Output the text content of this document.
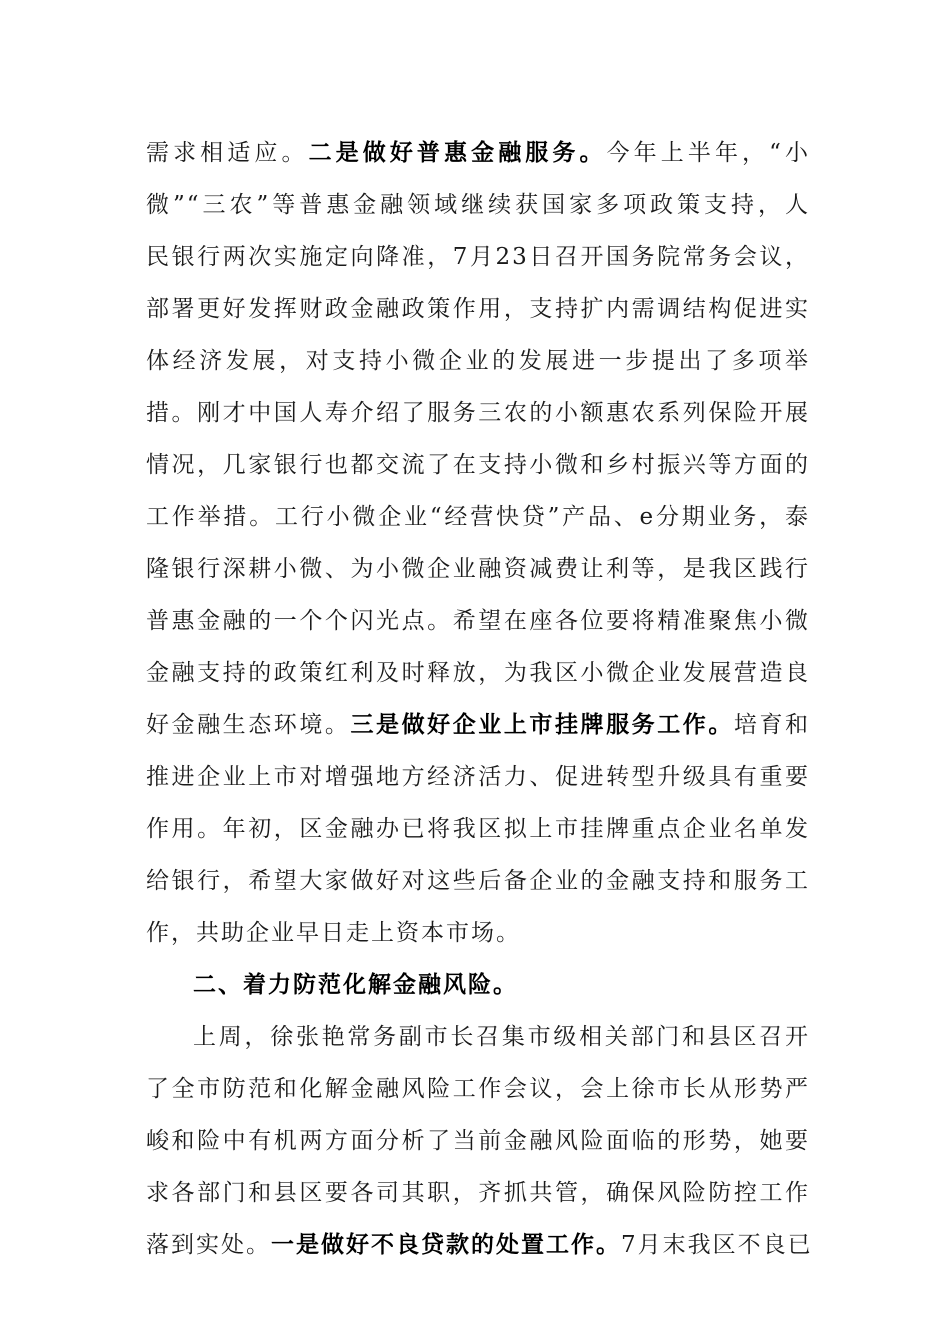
需求相适应。二是做好普惠金融服务。今年上半年，“小
微”“三农”等普惠金融领域继续获国家多项政策支持，人
民银行两次实施定向降准，7月23日召开国务院常务会议，
部署更好发挥财政金融政策作用，支持扩内需调结构促进实
体经济发展，对支持小微企业的发展进一步提出了多项举
措。刚才中国人寿介绍了服务三农的小额惠农系列保险开展
情况，几家银行也都交流了在支持小微和乡村振兴等方面的
工作举措。工行小微企业“经营快贷”产品、e分期业务，泰
隆银行深耕小微、为小微企业融资减费让利等，是我区践行
普惠金融的一个个闪光点。希望在座各位要将精准聚焦小微
金融支持的政策红利及时释放，为我区小微企业发展营造良
好金融生态环境。三是做好企业上市挂牌服务工作。培育和
推进企业上市对增强地方经济活力、促进转型升级具有重要
作用。年初，区金融办已将我区拟上市挂牌重点企业名单发
给银行，希望大家做好对这些后备企业的金融支持和服务工
作，共助企业早日走上资本市场。
二、着力防范化解金融风险。
上周，徐张艳常务副市长召集市级相关部门和县区召开
了全市防范和化解金融风险工作会议，会上徐市长从形势严
峻和险中有机两方面分析了当前金融风险面临的形势，她要
求各部门和县区要各司其职，齐抓共管，确保风险防控工作
落到实处。一是做好不良贷款的处置工作。7月末我区不良已
